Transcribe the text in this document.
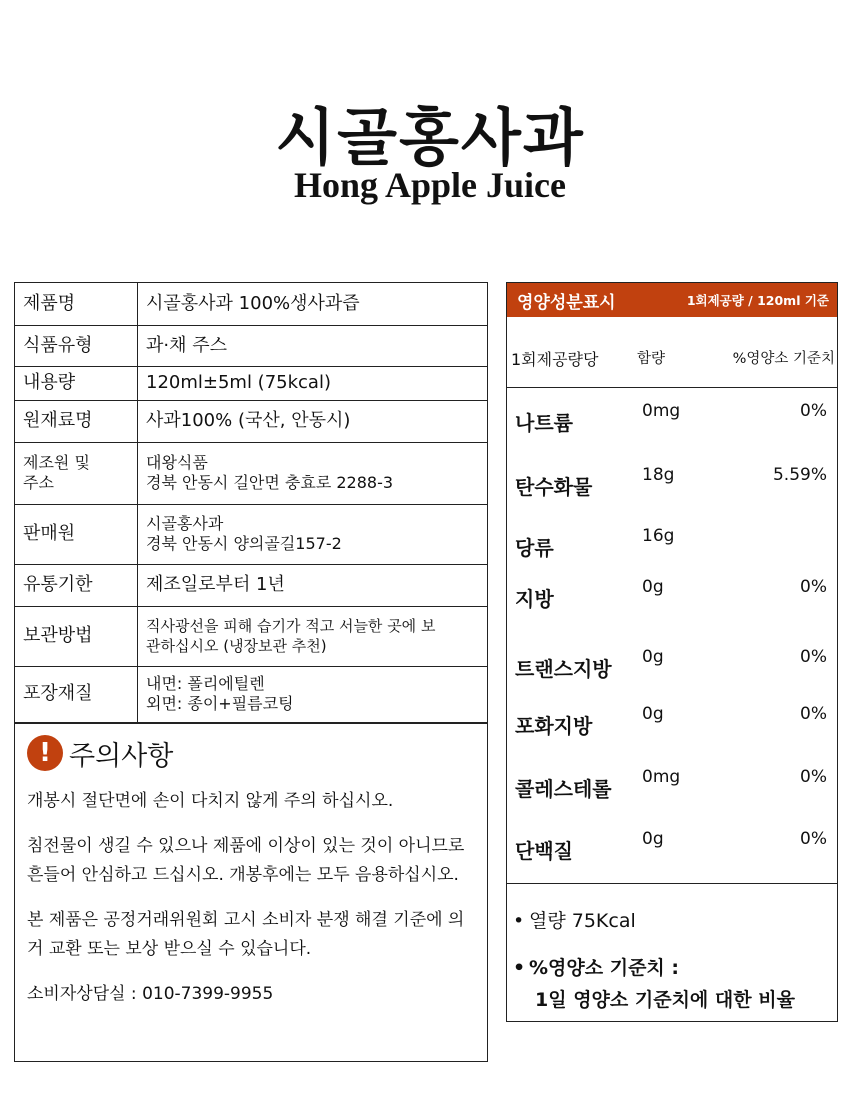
시골홍사과
Hong Apple Juice
제품명	시골홍사과 100%생사과즙
식품유형	과·채 주스
내용량	120ml±5ml (75kcal)
원재료명	사과100% (국산, 안동시)

제조원 및
주소	대왕식품
경북 안동시 길안면 충효로 2288-3

판매원	시골홍사과
경북 안동시 양의골길157-2

유통기한	제조일로부터 1년
보관방법	직사광선을 피해 습기가 적고 서늘한 곳에 보
관하십시오 (냉장보관 추천)

포장재질	내면: 폴리에틸렌
외면: 종이+필름코팅
! 주의사항

개봉시 절단면에 손이 다치지 않게 주의 하십시오.

침전물이 생길 수 있으나 제품에 이상이 있는 것이 아니므로 흔들어 안심하고 드십시오. 개봉후에는 모두 음용하십시오.

본 제품은 공정거래위원회 고시 소비자 분쟁 해결 기준에 의거 교환 또는 보상 받으실 수 있습니다.

소비자상담실 : 010-7399-9955

영양성분표시	1회제공량 / 120ml 기준
1회제공량당	함량	%영양소 기준치
나트륨	0mg	0%
탄수화물	18g	5.59%
당류	16g
지방	0g	0%
트랜스지방 0g	0%
포화지방	0g	0%
콜레스테롤 0mg	0%
단백질	0g	0%
• 열량 75Kcal
• %영양소 기준치 :
1일 영양소 기준치에 대한 비율
